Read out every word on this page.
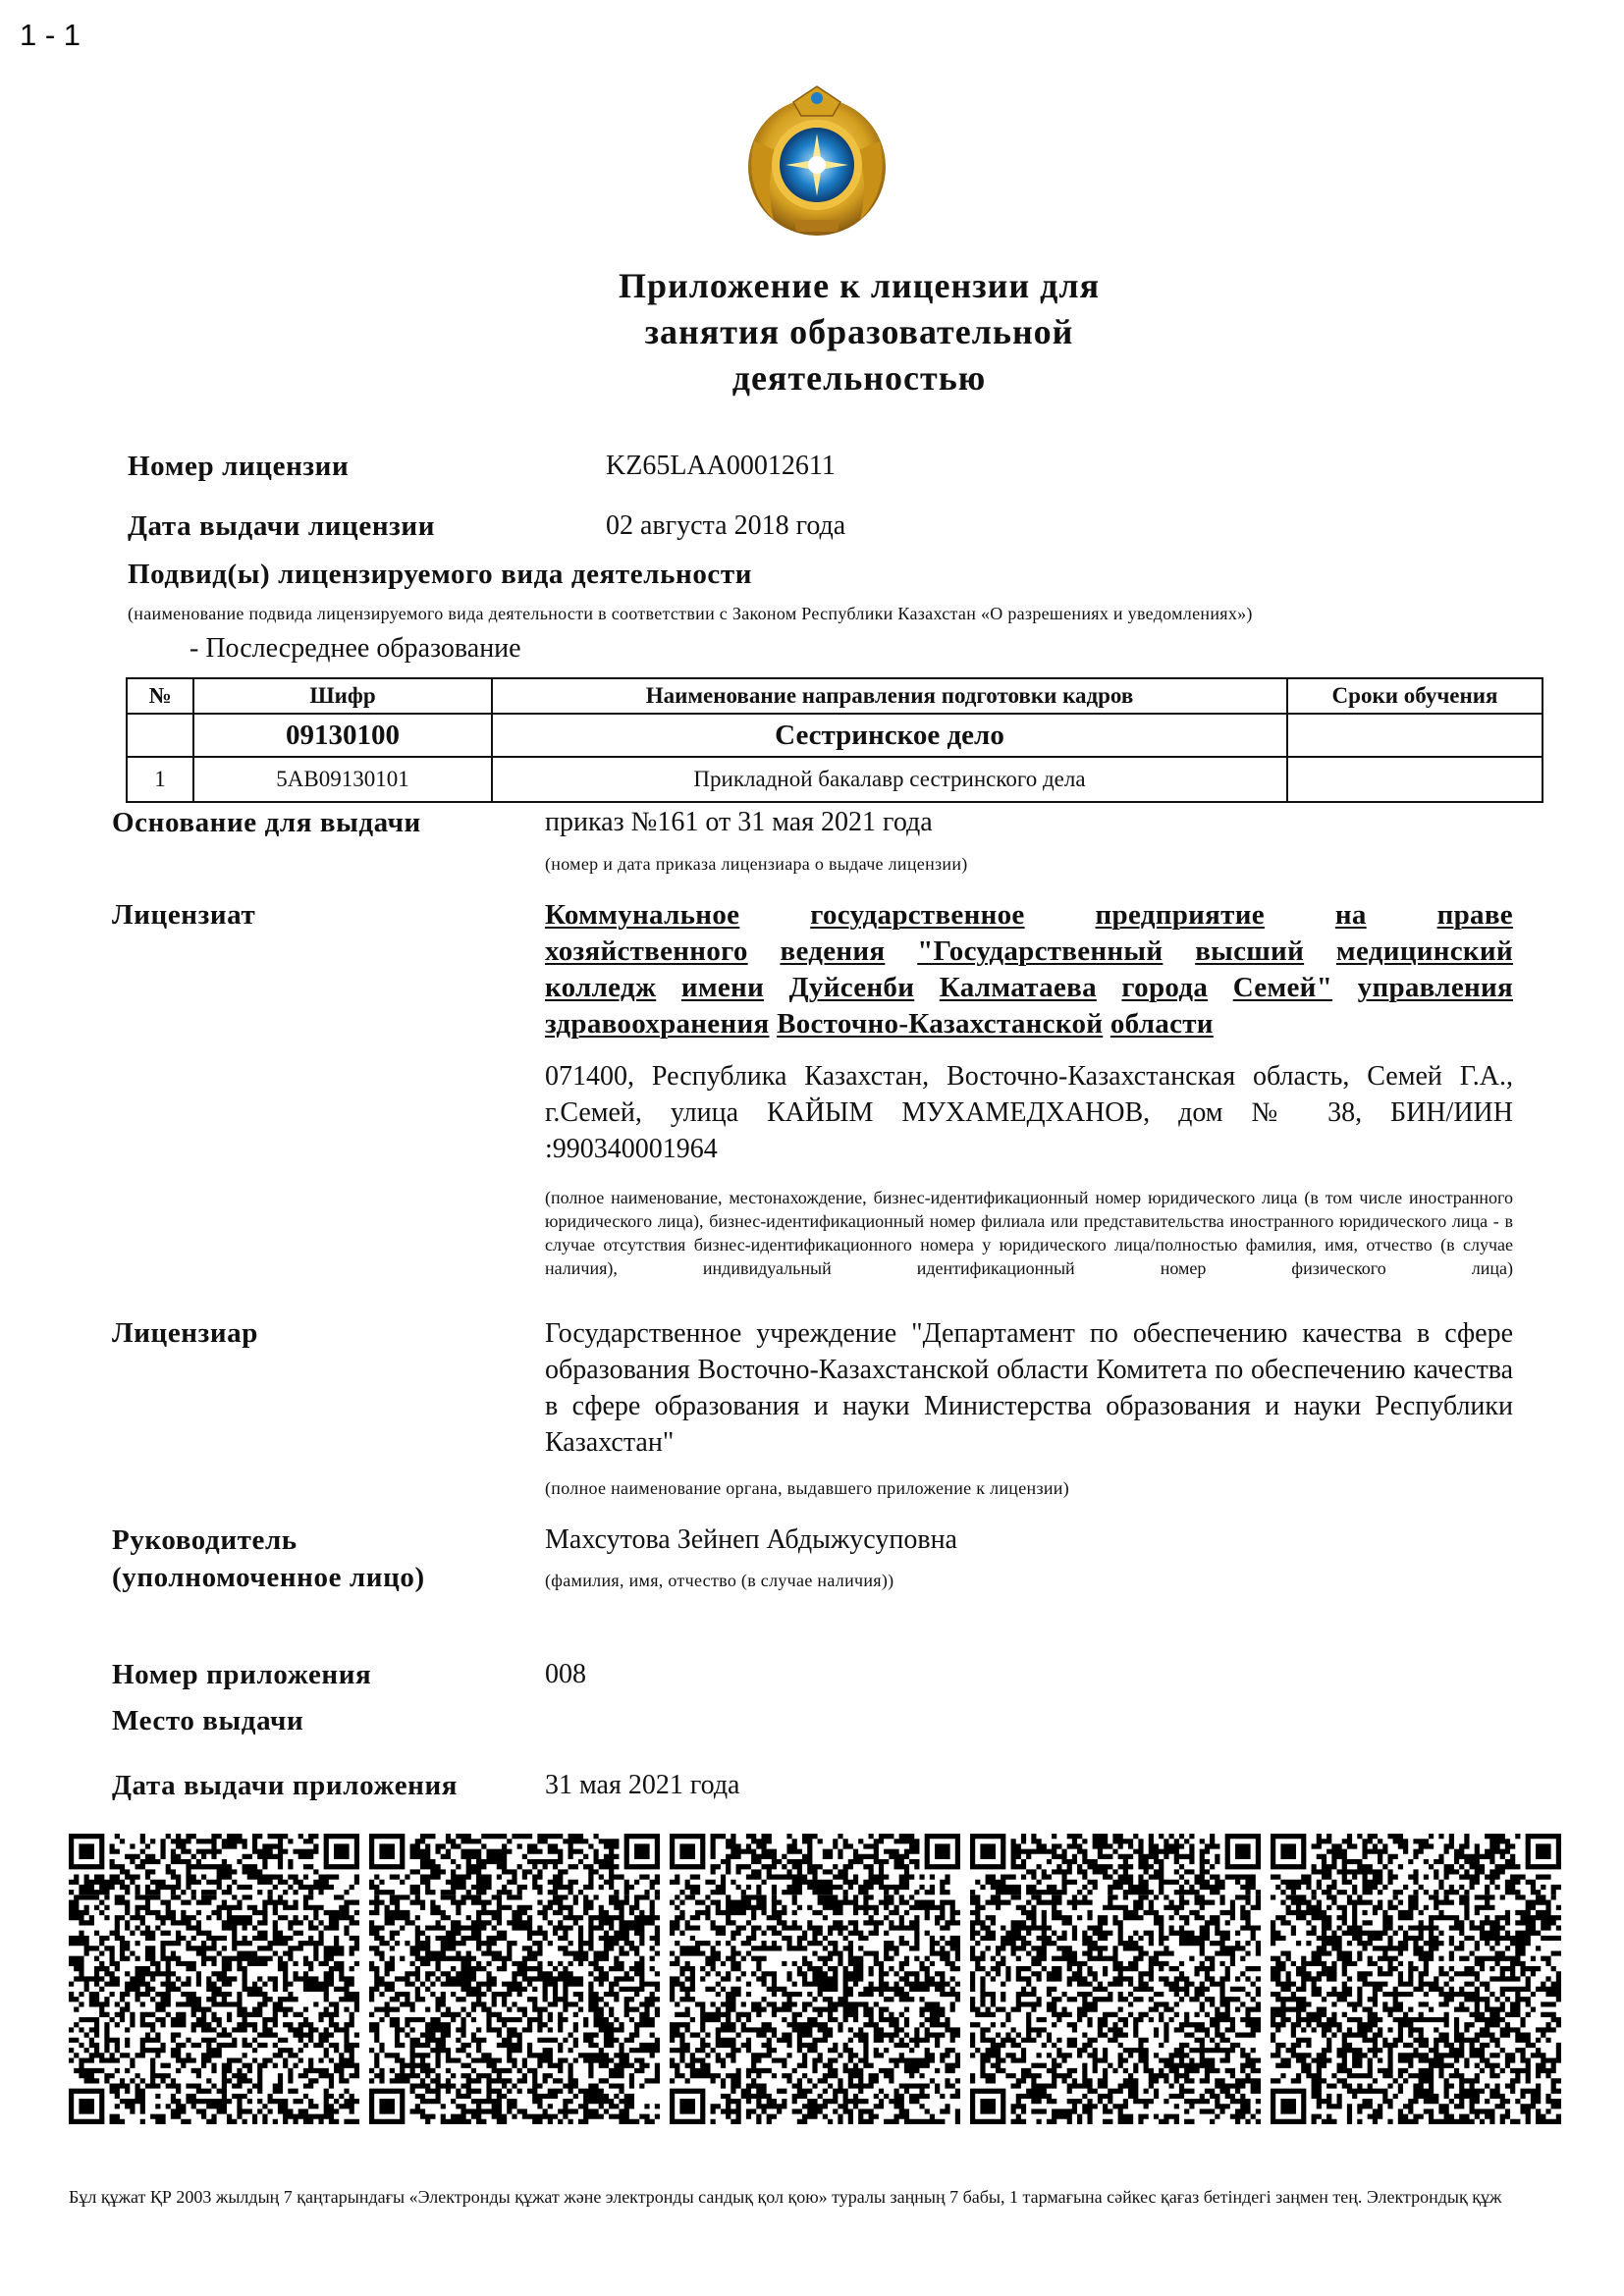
1 - 1
Приложение к лицензии для
занятия образовательной
деятельностью
Номер лицензии	KZ65LAA00012611
Дата выдачи лицензии	02 августа 2018 года
Подвид(ы) лицензируемого вида деятельности
(наименование подвида лицензируемого вида деятельности в соответствии с Законом Республики Казахстан «О разрешениях и уведомлениях»)
- Послесреднее образование
№	Шифр	Наименование направления подготовки кадров	Сроки обучения
	09130100	Сестринское дело	
1	5AB09130101	Прикладной бакалавр сестринского дела	
Основание для выдачи	приказ №161 от 31 мая 2021 года
(номер и дата приказа лицензиара о выдаче лицензии)
Лицензиат	Коммунальное государственное предприятие на праве
хозяйственного ведения "Государственный высший медицинский
колледж имени Дуйсенби Калматаева города Семей" управления
здравоохранения Восточно-Казахстанской области
071400, Республика Казахстан, Восточно-Казахстанская область, Семей Г.А., г.Семей, улица КАЙЫМ МУХАМЕДХАНОВ, дом № 38, БИН/ИИН :990340001964
(полное наименование, местонахождение, бизнес-идентификационный номер юридического лица (в том числе иностранного юридического лица), бизнес-идентификационный номер филиала или представительства иностранного юридического лица - в случае отсутствия бизнес-идентификационного номера у юридического лица/полностью фамилия, имя, отчество (в случае наличия), индивидуальный идентификационный номер физического лица)
Лицензиар	Государственное учреждение "Департамент по обеспечению качества в сфере образования Восточно-Казахстанской области Комитета по обеспечению качества в сфере образования и науки Министерства образования и науки Республики Казахстан"
(полное наименование органа, выдавшего приложение к лицензии)
Руководитель
(уполномоченное лицо)
Махсутова Зейнеп Абдыжусуповна
(фамилия, имя, отчество (в случае наличия))
Номер приложения	008
Место выдачи
Дата выдачи приложения	31 мая 2021 года
Бұл құжат ҚР 2003 жылдың 7 қаңтарындағы «Электронды құжат және электронды сандық қол қою» туралы заңның 7 бабы, 1 тармағына сәйкес қағаз бетіндегі заңмен тең. Электрондық құж
